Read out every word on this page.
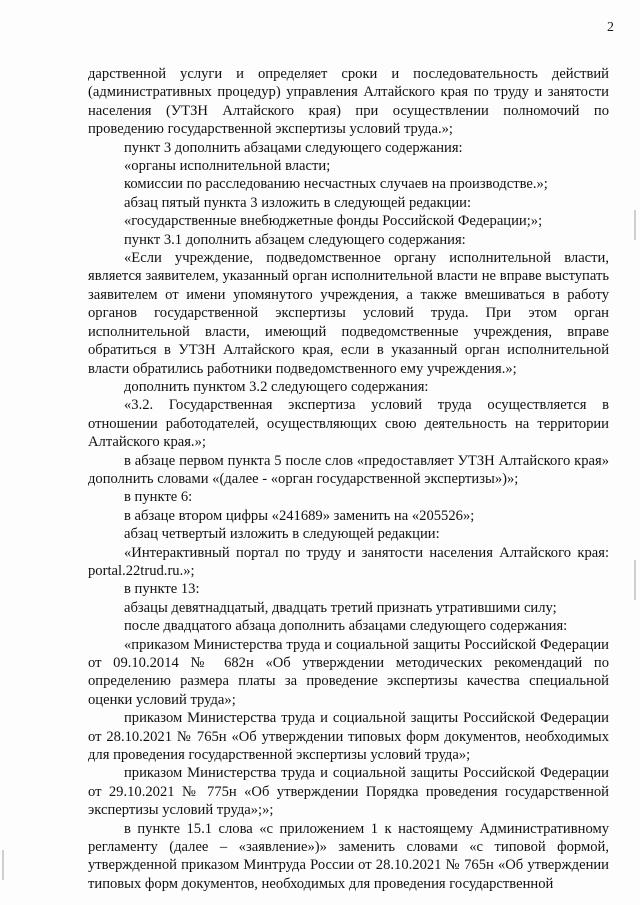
2

дарственной услуги и определяет сроки и последовательность действий (административных процедур) управления Алтайского края по труду и занятости населения (УТЗН Алтайского края) при осуществлении полномочий по проведению государственной экспертизы условий труда.»;

пункт 3 дополнить абзацами следующего содержания:

«органы исполнительной власти;

комиссии по расследованию несчастных случаев на производстве.»;

абзац пятый пункта 3 изложить в следующей редакции:

«государственные внебюджетные фонды Российской Федерации;»;

пункт 3.1 дополнить абзацем следующего содержания:

«Если учреждение, подведомственное органу исполнительной власти, является заявителем, указанный орган исполнительной власти не вправе выступать заявителем от имени упомянутого учреждения, а также вмешиваться в работу органов государственной экспертизы условий труда. При этом орган исполнительной власти, имеющий подведомственные учреждения, вправе обратиться в УТЗН Алтайского края, если в указанный орган исполнительной власти обратились работники подведомственного ему учреждения.»;

дополнить пунктом 3.2 следующего содержания:

«3.2. Государственная экспертиза условий труда осуществляется в отношении работодателей, осуществляющих свою деятельность на территории Алтайского края.»;

в абзаце первом пункта 5 после слов «предоставляет УТЗН Алтайского края» дополнить словами «(далее - «орган государственной экспертизы»)»;

в пункте 6:

в абзаце втором цифры «241689» заменить на «205526»;

абзац четвертый изложить в следующей редакции:

«Интерактивный портал по труду и занятости населения Алтайского края: portal.22trud.ru.»;

в пункте 13:

абзацы девятнадцатый, двадцать третий признать утратившими силу;

после двадцатого абзаца дополнить абзацами следующего содержания:

«приказом Министерства труда и социальной защиты Российской Федерации от 09.10.2014 № 682н «Об утверждении методических рекомендаций по определению размера платы за проведение экспертизы качества специальной оценки условий труда»;

приказом Министерства труда и социальной защиты Российской Федерации от 28.10.2021 № 765н «Об утверждении типовых форм документов, необходимых для проведения государственной экспертизы условий труда»;

приказом Министерства труда и социальной защиты Российской Федерации от 29.10.2021 № 775н «Об утверждении Порядка проведения государственной экспертизы условий труда»;»;

в пункте 15.1 слова «с приложением 1 к настоящему Административному регламенту (далее – «заявление»)» заменить словами «с типовой формой, утвержденной приказом Минтруда России от 28.10.2021 № 765н «Об утверждении типовых форм документов, необходимых для проведения государственной
